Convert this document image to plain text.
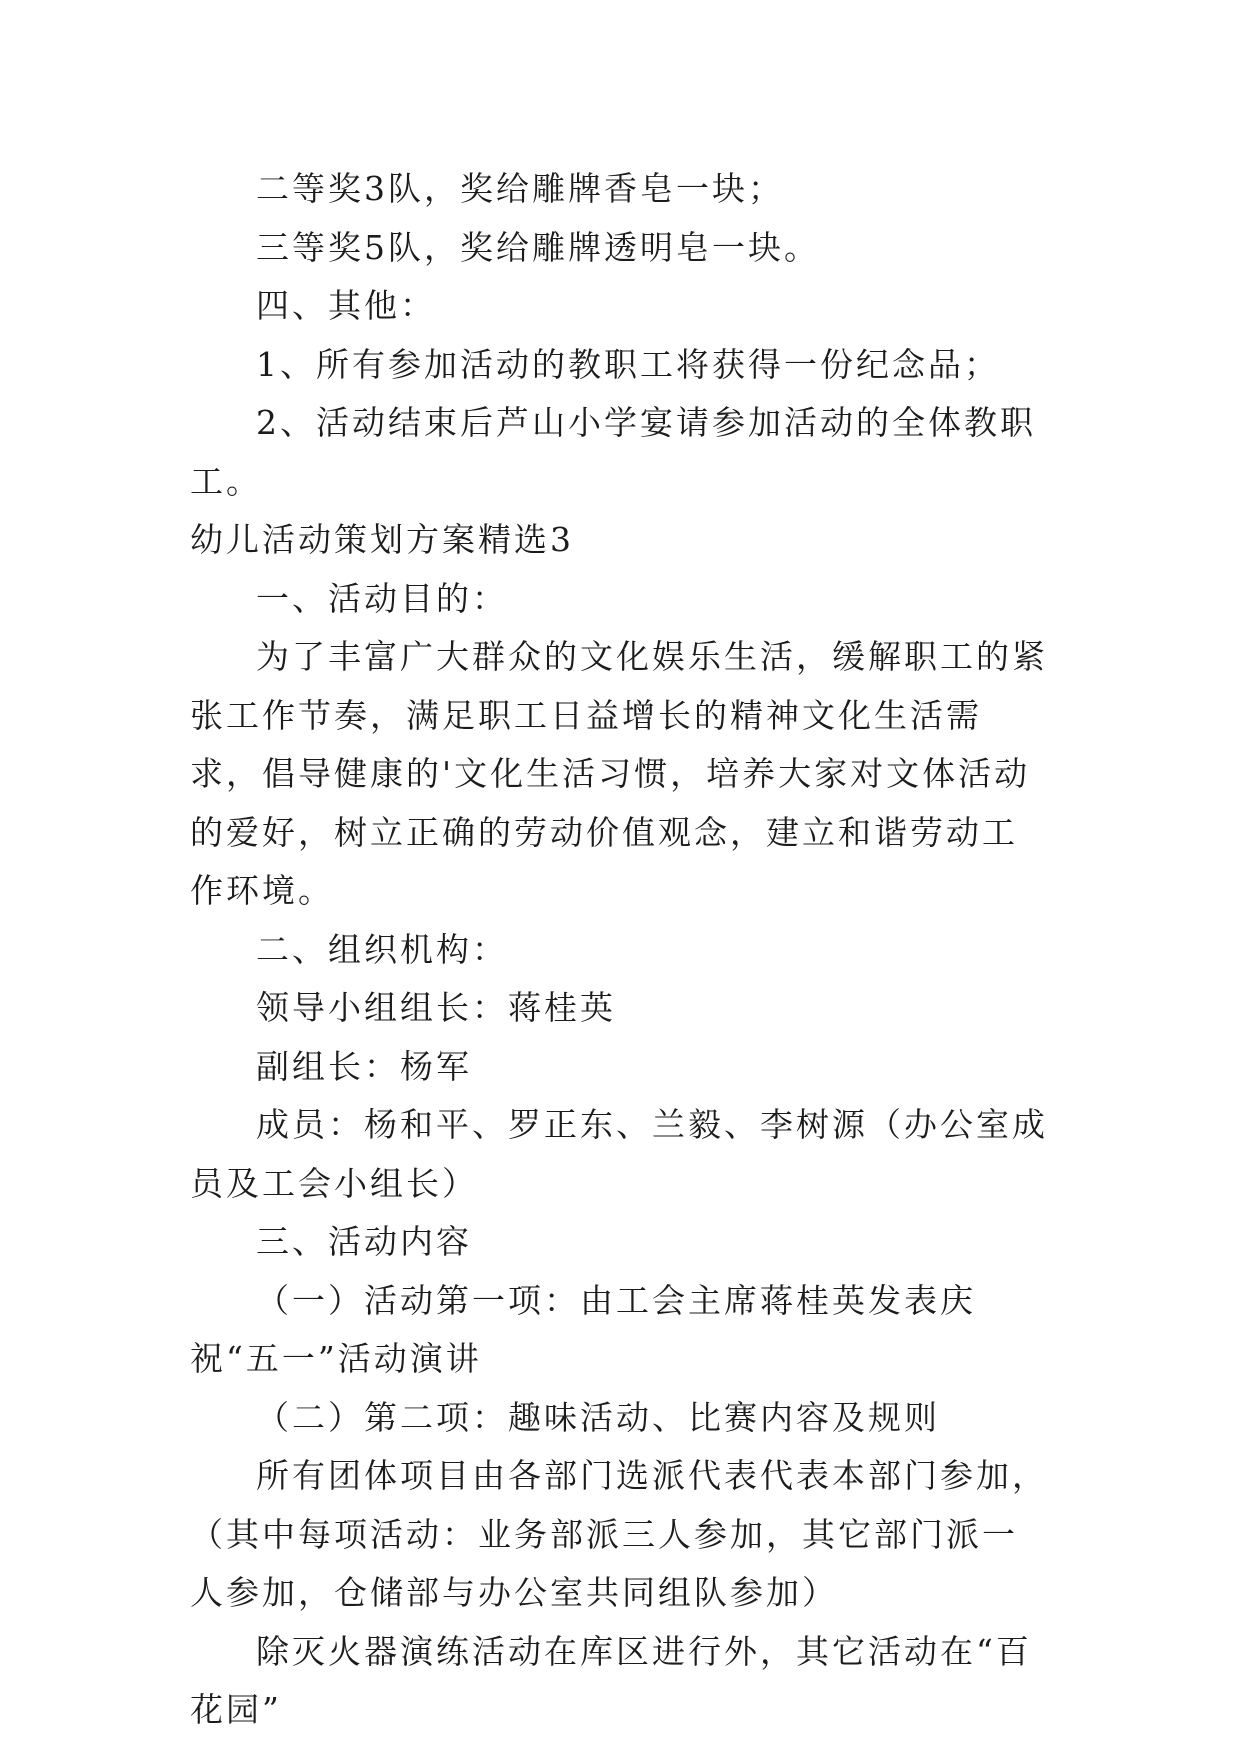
二等奖3队，奖给雕牌香皂一块；

三等奖5队，奖给雕牌透明皂一块。

四、其他：

1、所有参加活动的教职工将获得一份纪念品；

2、活动结束后芦山小学宴请参加活动的全体教职工。

幼儿活动策划方案精选3

一、活动目的：

为了丰富广大群众的文化娱乐生活，缓解职工的紧张工作节奏，满足职工日益增长的精神文化生活需求，倡导健康的'文化生活习惯，培养大家对文体活动的爱好，树立正确的劳动价值观念，建立和谐劳动工作环境。

二、组织机构：

领导小组组长：蒋桂英

副组长：杨军

成员：杨和平、罗正东、兰毅、李树源（办公室成员及工会小组长）

三、活动内容

（一）活动第一项：由工会主席蒋桂英发表庆祝“五一”活动演讲

（二）第二项：趣味活动、比赛内容及规则

所有团体项目由各部门选派代表代表本部门参加，（其中每项活动：业务部派三人参加，其它部门派一人参加，仓储部与办公室共同组队参加）

除灭火器演练活动在库区进行外，其它活动在“百花园”
